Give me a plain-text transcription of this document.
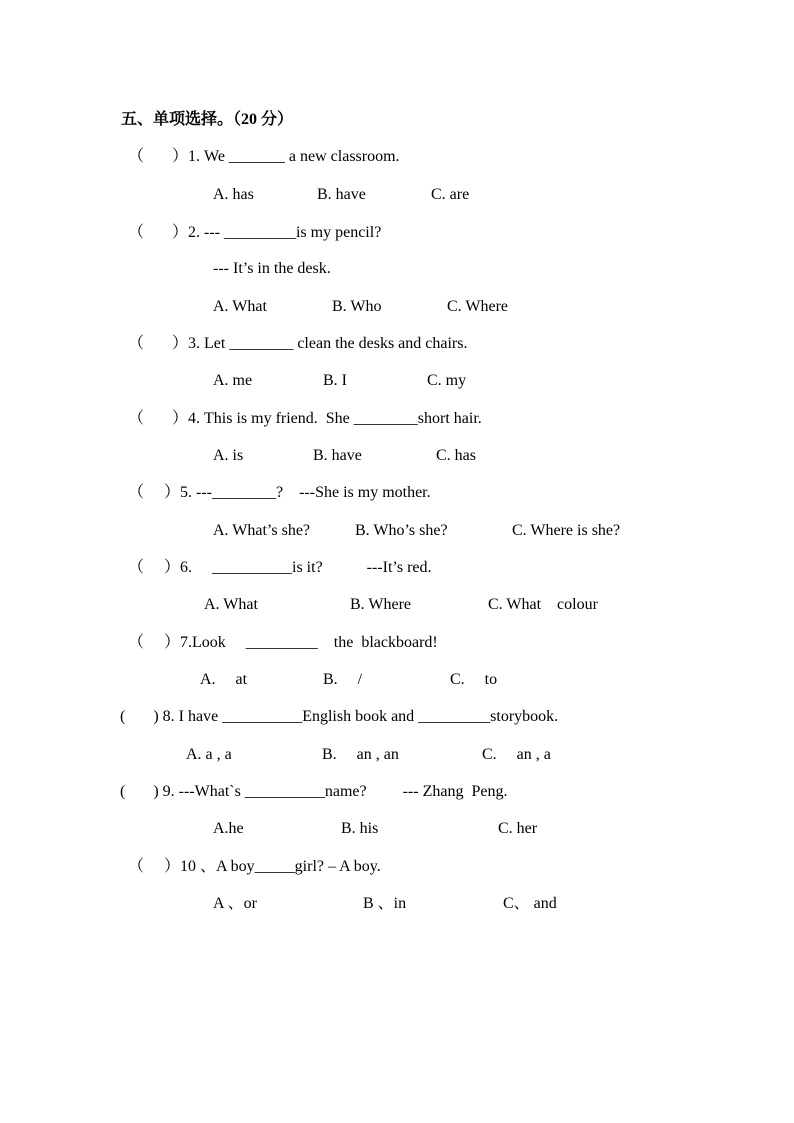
五、单项选择。（20 分）
（       ）1. We _______ a new classroom.
A. has	B. have	C. are
（       ）2. --- _________is my pencil?
--- It’s in the desk.
A. What	B. Who	C. Where
（       ）3. Let ________ clean the desks and chairs.
A. me	B. I	C. my
（       ）4. This is my friend.  She ________short hair.
A. is	B. have	C. has
（     ）5. ---________?    ---She is my mother.
A. What’s she?	B. Who’s she?	C. Where is she?
（     ）6.     __________is it?           ---It’s red.
A. What	B. Where	C. What    colour
（     ）7.Look     _________    the  blackboard!
A.     at	B.     /	C.     to
(       ) 8. I have __________English book and _________storybook.
A. a , a	B.     an , an	C.     an , a
(       ) 9. ---What`s __________name?         --- Zhang  Peng.
A.he	B. his	C. her
（     ）10 、A boy_____girl? – A boy.
A 、or	B 、in	C、 and
